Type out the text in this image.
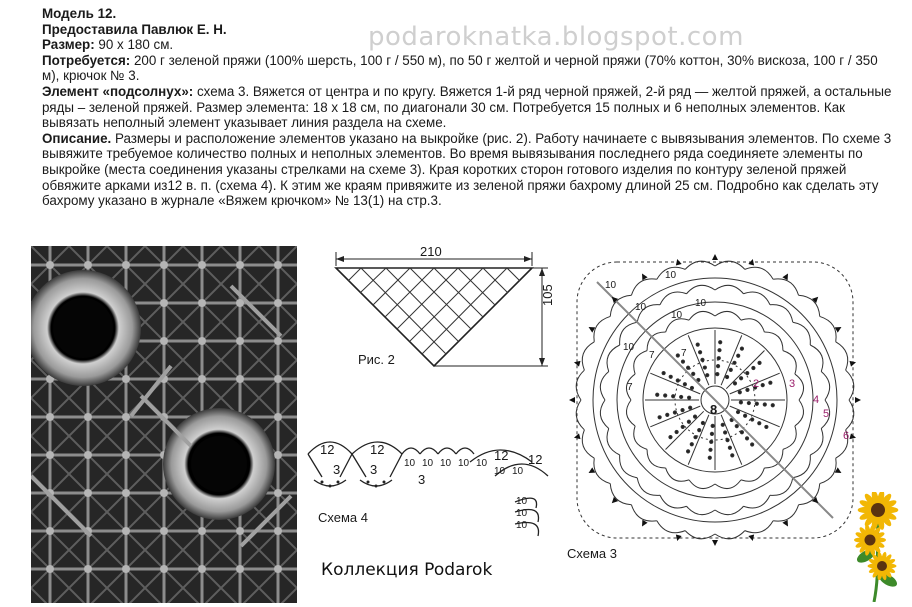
Модель 12.

Предоставила Павлюк Е. Н.

Размер: 90 х 180 см.

Потребуется: 200 г зеленой пряжи (100% шерсть, 100 г / 550 м), по 50 г желтой и черной пряжи (70% коттон, 30% вискоза, 100 г / 350 м), крючок № 3.

Элемент «подсолнух»: схема 3. Вяжется от центра и по кругу. Вяжется 1-й ряд черной пряжей, 2-й ряд — желтой пряжей, а остальные ряды – зеленой пряжей. Размер элемента: 18 х 18 см, по диагонали 30 см. Потребуется 15 полных и 6 неполных элементов. Как вывязать неполный элемент указывает линия раздела на схеме.

Описание. Размеры и расположение элементов указано на выкройке (рис. 2). Работу начинаете с вывязывания элементов. По схеме 3 вывяжите требуемое количество полных и неполных элементов. Во время вывязывания последнего ряда соединяете элементы по выкройке (места соединения указаны стрелками на схеме 3). Края коротких сторон готового изделия по контуру зеленой пряжей обвяжите арками из12 в. п. (схема 4). К этим же краям привяжите из зеленой пряжи бахрому длиной 25 см. Подробно как сделать эту бахрому указано в журнале «Вяжем крючком» № 13(1) на стр.3.

podaroknatka.blogspot.com
210
105
Рис. 2
12	12	12 12
3 3
3
10 10 10 10 10
10 10
10
10
10
Схема 4
8
2	3
4
5
6
10
10
10
10
10
10
7	7
7
Схема 3
Коллекция Podarok
